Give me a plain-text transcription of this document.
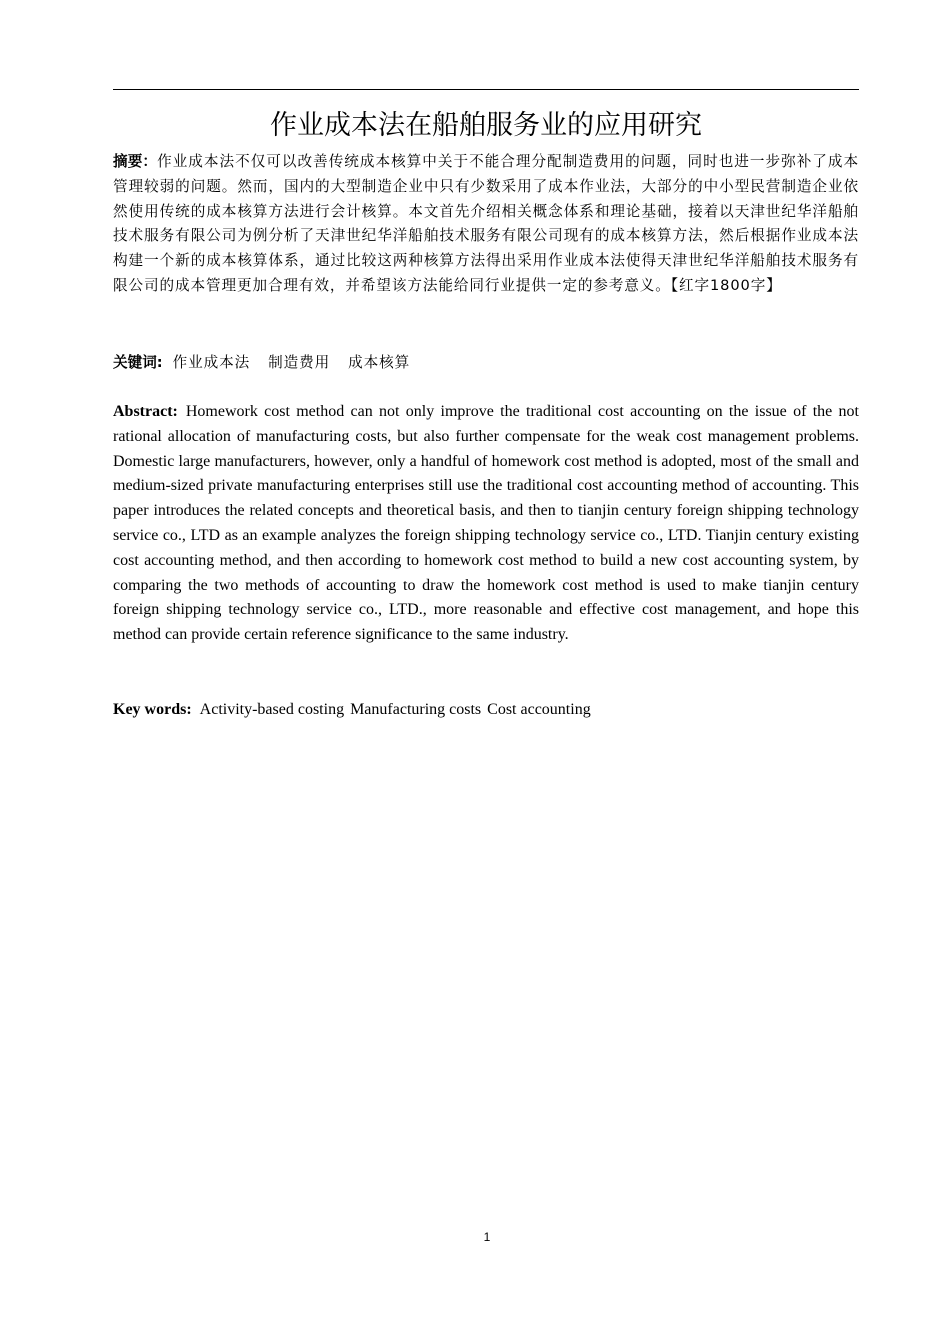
作业成本法在船舶服务业的应用研究
摘要：作业成本法不仅可以改善传统成本核算中关于不能合理分配制造费用的问题，同时也进一步弥补了成本管理较弱的问题。然而，国内的大型制造企业中只有少数采用了成本作业法，大部分的中小型民营制造企业依然使用传统的成本核算方法进行会计核算。本文首先介绍相关概念体系和理论基础，接着以天津世纪华洋船舶技术服务有限公司为例分析了天津世纪华洋船舶技术服务有限公司现有的成本核算方法，然后根据作业成本法构建一个新的成本核算体系，通过比较这两种核算方法得出采用作业成本法使得天津世纪华洋船舶技术服务有限公司的成本管理更加合理有效，并希望该方法能给同行业提供一定的参考意义。【红字1800字】
关键词: 作业成本法 制造费用 成本核算
Abstract: Homework cost method can not only improve the traditional cost accounting on the issue of the not rational allocation of manufacturing costs, but also further compensate for the weak cost management problems. Domestic large manufacturers, however, only a handful of homework cost method is adopted, most of the small and medium-sized private manufacturing enterprises still use the traditional cost accounting method of accounting. This paper introduces the related concepts and theoretical basis, and then to tianjin century foreign shipping technology service co., LTD as an example analyzes the foreign shipping technology service co., LTD. Tianjin century existing cost accounting method, and then according to homework cost method to build a new cost accounting system, by comparing the two methods of accounting to draw the homework cost method is used to make tianjin century foreign shipping technology service co., LTD., more reasonable and effective cost management, and hope this method can provide certain reference significance to the same industry.
Key words: Activity-based costing Manufacturing costs Cost accounting
1
